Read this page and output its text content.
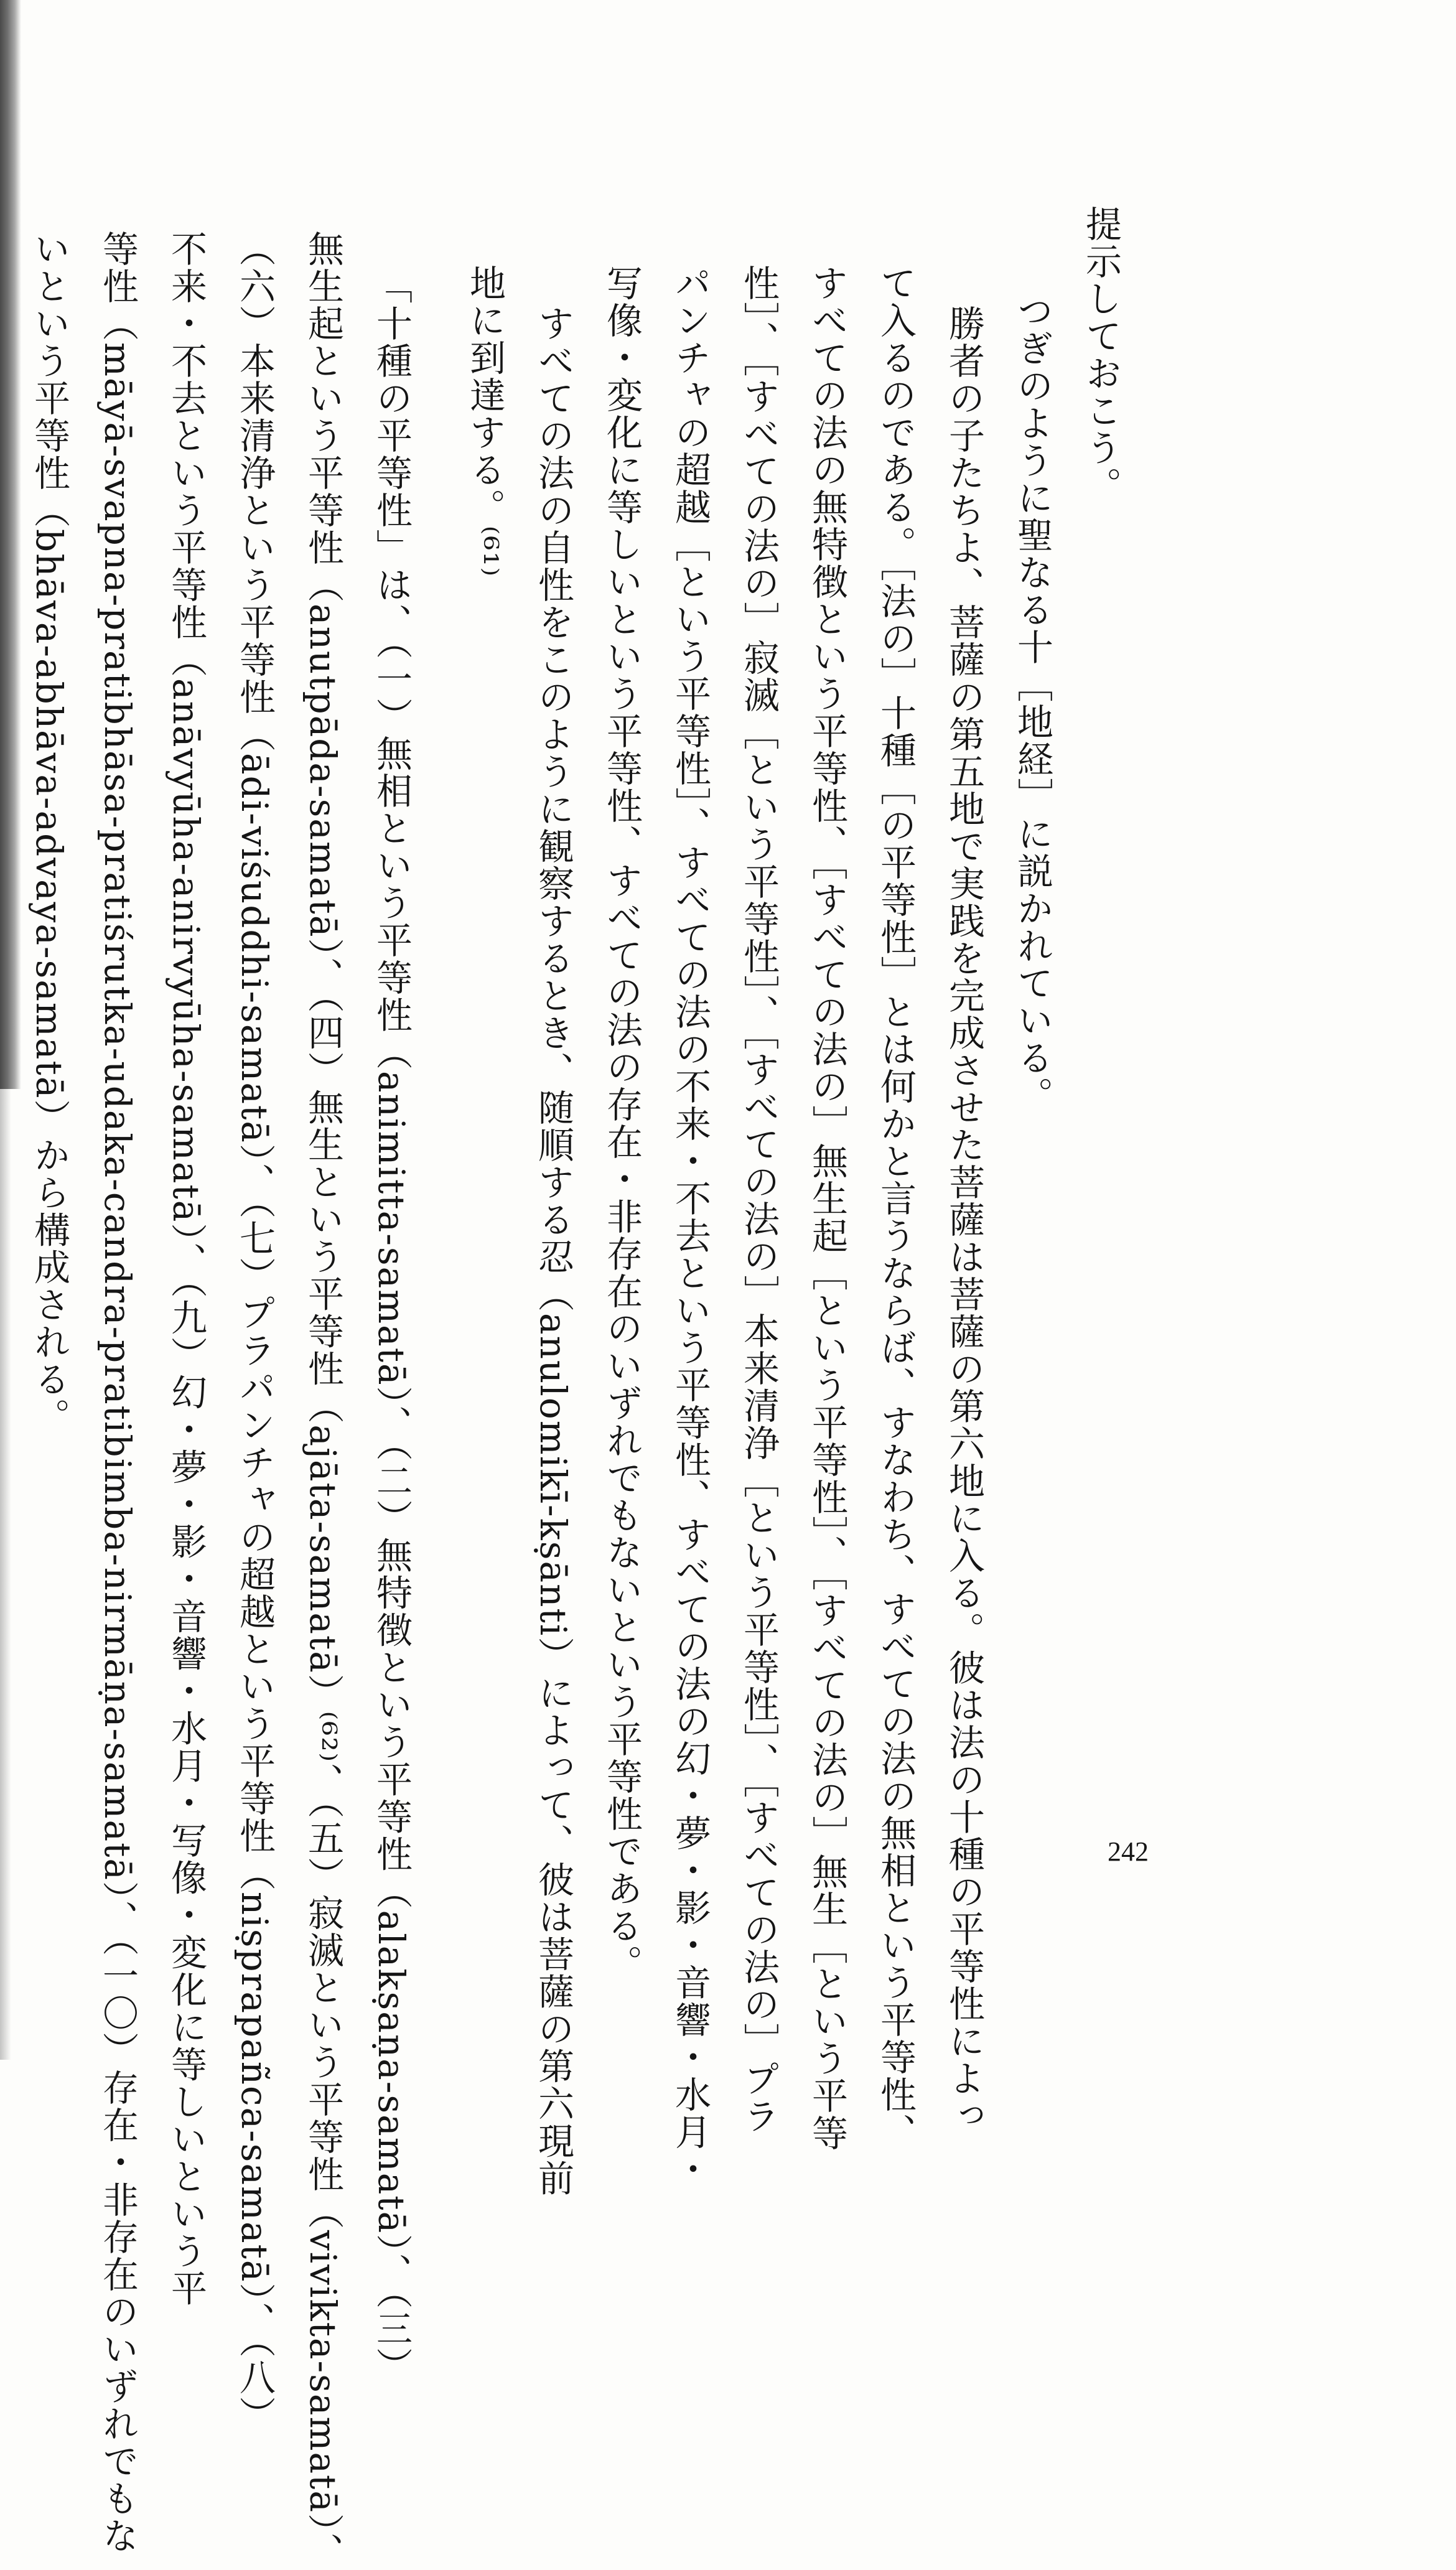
提示しておこう。

つぎのように聖なる十［地経］に説かれている。

勝者の子たちよ、菩薩の第五地で実践を完成させた菩薩は菩薩の第六地に入る。彼は法の十種の平等性によっ

て入るのである。［法の］十種［の平等性］とは何かと言うならば、すなわち、すべての法の無相という平等性、

すべての法の無特徴という平等性、［すべての法の］無生起［という平等性］、［すべての法の］無生［という平等

性］、［すべての法の］寂滅［という平等性］、［すべての法の］本来清浄［という平等性］、［すべての法の］プラ

パンチャの超越［という平等性］、すべての法の不来・不去という平等性、すべての法の幻・夢・影・音響・水月・

写像・変化に等しいという平等性、すべての法の存在・非存在のいずれでもないという平等性である。

すべての法の自性をこのように観察するとき、随順する忍（anulomikī-kṣānti）によって、彼は菩薩の第六現前

地に到達する。⁽⁶¹⁾

「十種の平等性」は、（一）無相という平等性（animitta-samatā）、（二）無特徴という平等性（alakṣaṇa-samatā）、（三）

無生起という平等性（anutpāda-samatā）、（四）無生という平等性（ajāta-samatā）⁽⁶²⁾、（五）寂滅という平等性（vivikta-samatā）、

（六）本来清浄という平等性（ādi-viśuddhi-samatā）、（七）プラパンチャの超越という平等性（niṣprapañca-samatā）、（八）

不来・不去という平等性（anāvyūha-anirvyūha-samatā）、（九）幻・夢・影・音響・水月・写像・変化に等しいという平

等性（māyā-svapna-pratibhāsa-pratiśrutka-udaka-candra-pratibimba-nirmāṇa-samatā）、（一〇）存在・非存在のいずれでもな

いという平等性（bhāva-abhāva-advaya-samatā）から構成される。

242
